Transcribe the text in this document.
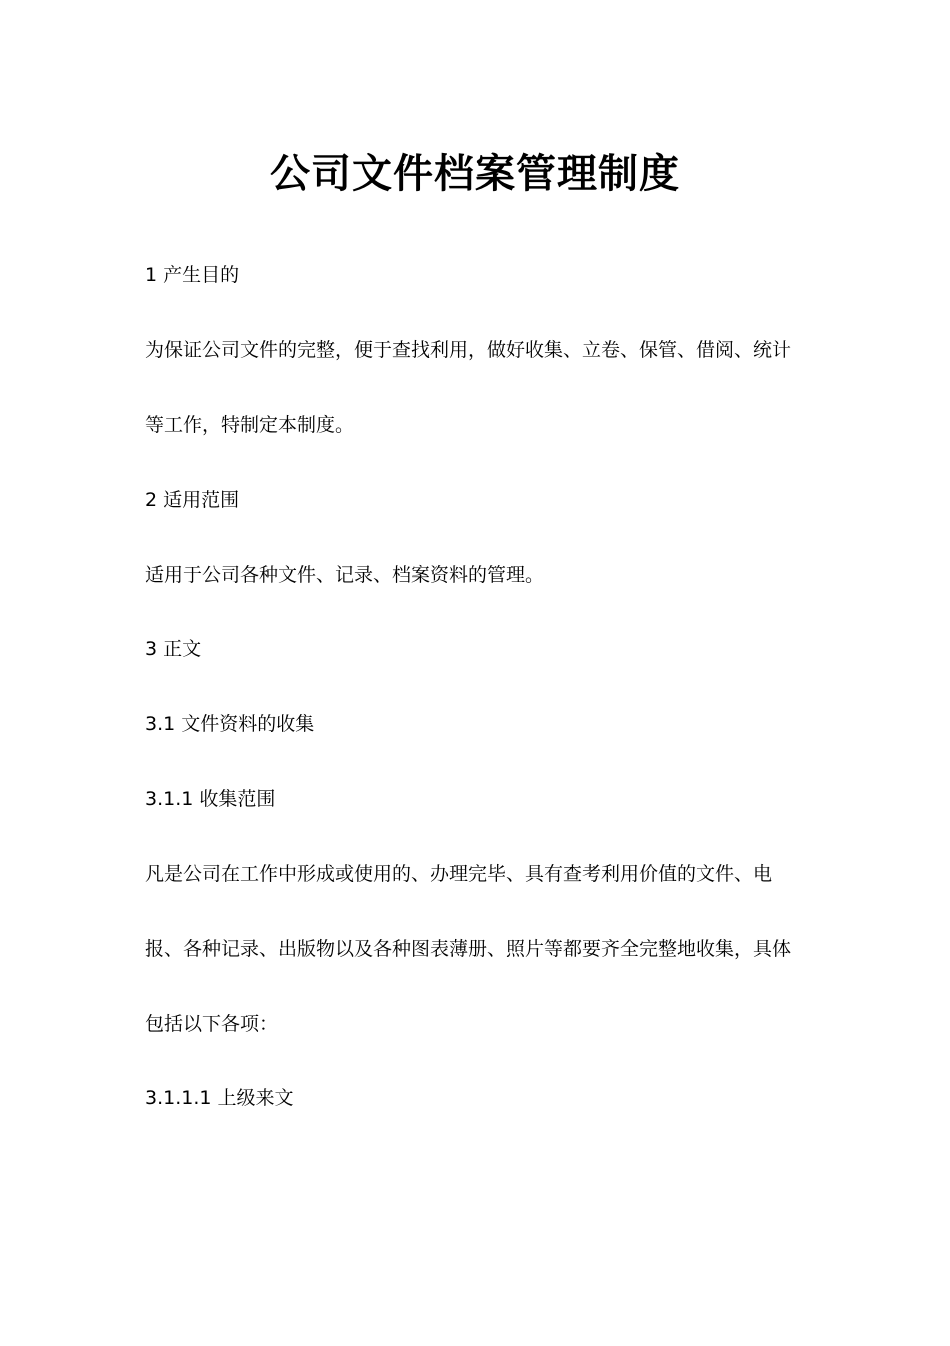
公司文件档案管理制度
1 产生目的
为保证公司文件的完整，便于查找利用，做好收集、立卷、保管、借阅、统计
等工作，特制定本制度。
2 适用范围
适用于公司各种文件、记录、档案资料的管理。
3 正文
3.1 文件资料的收集
3.1.1 收集范围
凡是公司在工作中形成或使用的、办理完毕、具有查考利用价值的文件、电
报、各种记录、出版物以及各种图表薄册、照片等都要齐全完整地收集，具体
包括以下各项：
3.1.1.1 上级来文
